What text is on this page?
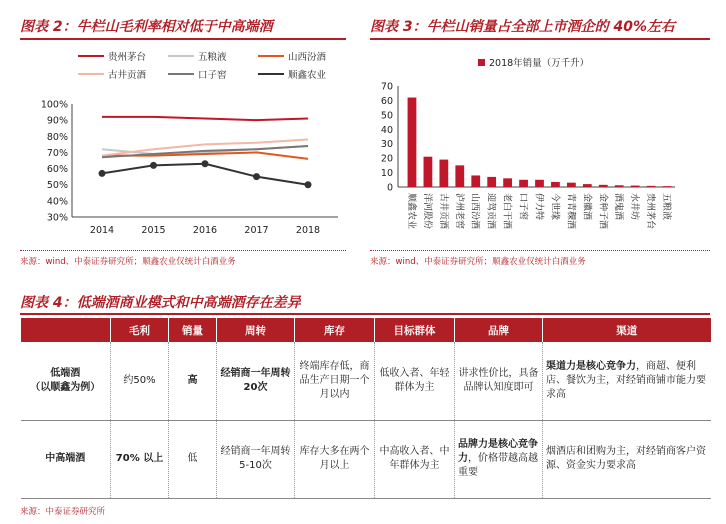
图表 2：牛栏山毛利率相对低于中高端酒
贵州茅台	五粮液	山西汾酒
古井贡酒	口子窖	顺鑫农业
30%
40%
50%
60%
70%
80%
90%
100%
2014	2015	2016	2017	2018
来源：wind、中泰证券研究所；顺鑫农业仅统计白酒业务
图表 3：牛栏山销量占全部上市酒企的 40%左右
2018年销量（万千升）
0
10
20
30
40
50
60
70
顺鑫农业 洋河股份 古井贡酒 泸州老窖 山西汾酒 迎驾贡酒 老白干酒 口子窖 伊力特 今世缘 青青稞酒 金徽酒 金种子酒 酒鬼酒 水井坊 贵州茅台 五粮液
来源：wind、中泰证券研究所；顺鑫农业仅统计白酒业务
图表 4：低端酒商业模式和中高端酒存在差异
	毛利	销量	周转	库存	目标群体	品牌	渠道

低端酒
（以顺鑫为例）	约50%	高	经销商一年周转20次	终端库存低，商品生产日期一个月以内	低收入者、年轻群体为主	讲求性价比，具备品牌认知度即可	渠道力是核心竞争力，商超、便利店、餐饮为主，对经销商铺市能力要求高

中高端酒	70% 以上	低	经销商一年周转5-10次	库存大多在两个月以上	中高收入者、中年群体为主	品牌力是核心竞争力，价格带越高越重要	烟酒店和团购为主，对经销商客户资源、资金实力要求高
来源：中泰证券研究所
